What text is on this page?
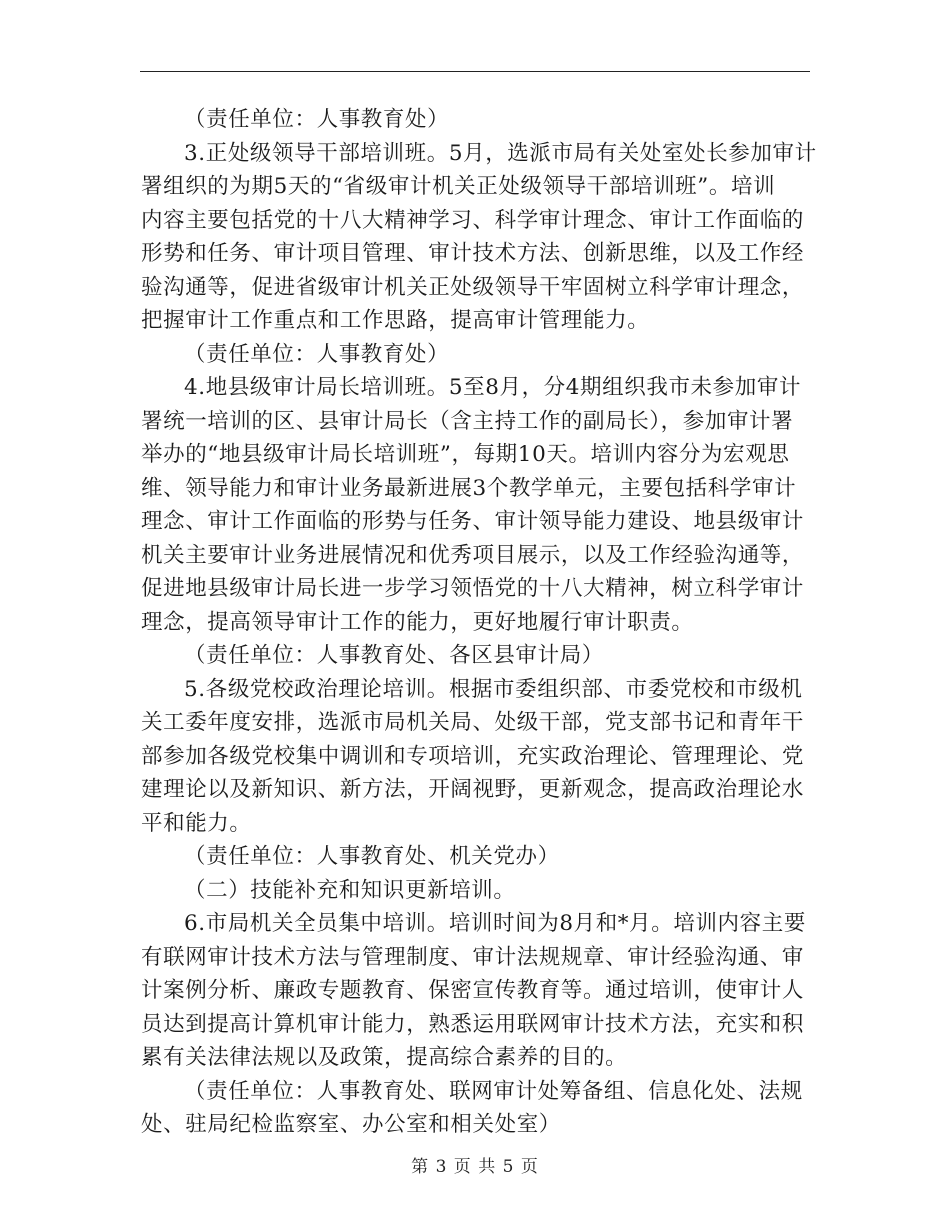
（责任单位：人事教育处）
3.正处级领导干部培训班。5月，选派市局有关处室处长参加审计
署组织的为期5天的“省级审计机关正处级领导干部培训班”。培训
内容主要包括党的十八大精神学习、科学审计理念、审计工作面临的
形势和任务、审计项目管理、审计技术方法、创新思维，以及工作经
验沟通等，促进省级审计机关正处级领导干牢固树立科学审计理念，
把握审计工作重点和工作思路，提高审计管理能力。
（责任单位：人事教育处）
4.地县级审计局长培训班。5至8月，分4期组织我市未参加审计
署统一培训的区、县审计局长（含主持工作的副局长），参加审计署
举办的“地县级审计局长培训班”，每期10天。培训内容分为宏观思
维、领导能力和审计业务最新进展3个教学单元，主要包括科学审计
理念、审计工作面临的形势与任务、审计领导能力建设、地县级审计
机关主要审计业务进展情况和优秀项目展示，以及工作经验沟通等，
促进地县级审计局长进一步学习领悟党的十八大精神，树立科学审计
理念，提高领导审计工作的能力，更好地履行审计职责。
（责任单位：人事教育处、各区县审计局）
5.各级党校政治理论培训。根据市委组织部、市委党校和市级机
关工委年度安排，选派市局机关局、处级干部，党支部书记和青年干
部参加各级党校集中调训和专项培训，充实政治理论、管理理论、党
建理论以及新知识、新方法，开阔视野，更新观念，提高政治理论水
平和能力。
（责任单位：人事教育处、机关党办）
（二）技能补充和知识更新培训。
6.市局机关全员集中培训。培训时间为8月和*月。培训内容主要
有联网审计技术方法与管理制度、审计法规规章、审计经验沟通、审
计案例分析、廉政专题教育、保密宣传教育等。通过培训，使审计人
员达到提高计算机审计能力，熟悉运用联网审计技术方法，充实和积
累有关法律法规以及政策，提高综合素养的目的。
（责任单位：人事教育处、联网审计处筹备组、信息化处、法规
处、驻局纪检监察室、办公室和相关处室）
第 3 页 共 5 页
